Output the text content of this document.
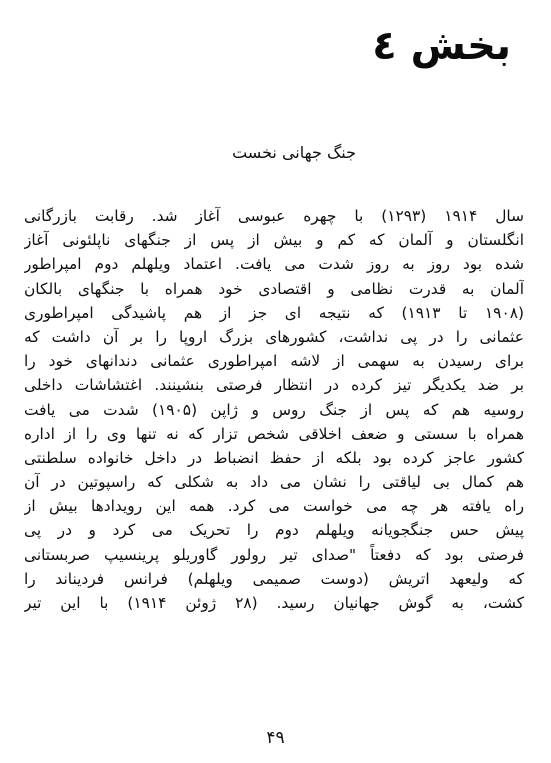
بخش ٤
جنگ جهانی نخست
سال ۱۹۱۴ (۱۲۹۳) با چهره عبوسی آغاز شد. رقابت بازرگانی
انگلستان و آلمان که کم و بیش از پس از جنگهای ناپلئونی آغاز
شده بود روز به روز شدت می یافت. اعتماد ویلهلم دوم امپراطور
آلمان به قدرت نظامی و اقتصادی خود همراه با جنگهای بالکان
(۱۹۰۸ تا ۱۹۱۳) که نتیجه ای جز از هم پاشیدگی امپراطوری
عثمانی را در پی نداشت، کشورهای بزرگ اروپا را بر آن داشت که
برای رسیدن به سهمی از لاشه امپراطوری عثمانی دندانهای خود را
بر ضد یکدیگر تیز کرده در انتظار فرصتی بنشینند. اغتشاشات داخلی
روسیه هم که پس از جنگ روس و ژاپن (۱۹۰۵) شدت می یافت
همراه با سستی و ضعف اخلاقی شخص تزار که نه تنها وی را از اداره
کشور عاجز کرده بود بلکه از حفظ انضباط در داخل خانواده سلطنتی
هم کمال بی لیاقتی را نشان می داد به شکلی که راسپوتین در آن
راه یافته هر چه می خواست می کرد. همه این رویدادها بیش از
پیش حس جنگجویانه ویلهلم دوم را تحریک می کرد و در پی
فرصتی بود که دفعتاً "صدای تیر رولور گاوریلو پرینسیپ صربستانی
که ولیعهد اتریش (دوست صمیمی ویلهلم) فرانس فردیناند را
کشت، به گوش جهانیان رسید. (۲۸ ژوئن ۱۹۱۴) با این تیر
۴۹
